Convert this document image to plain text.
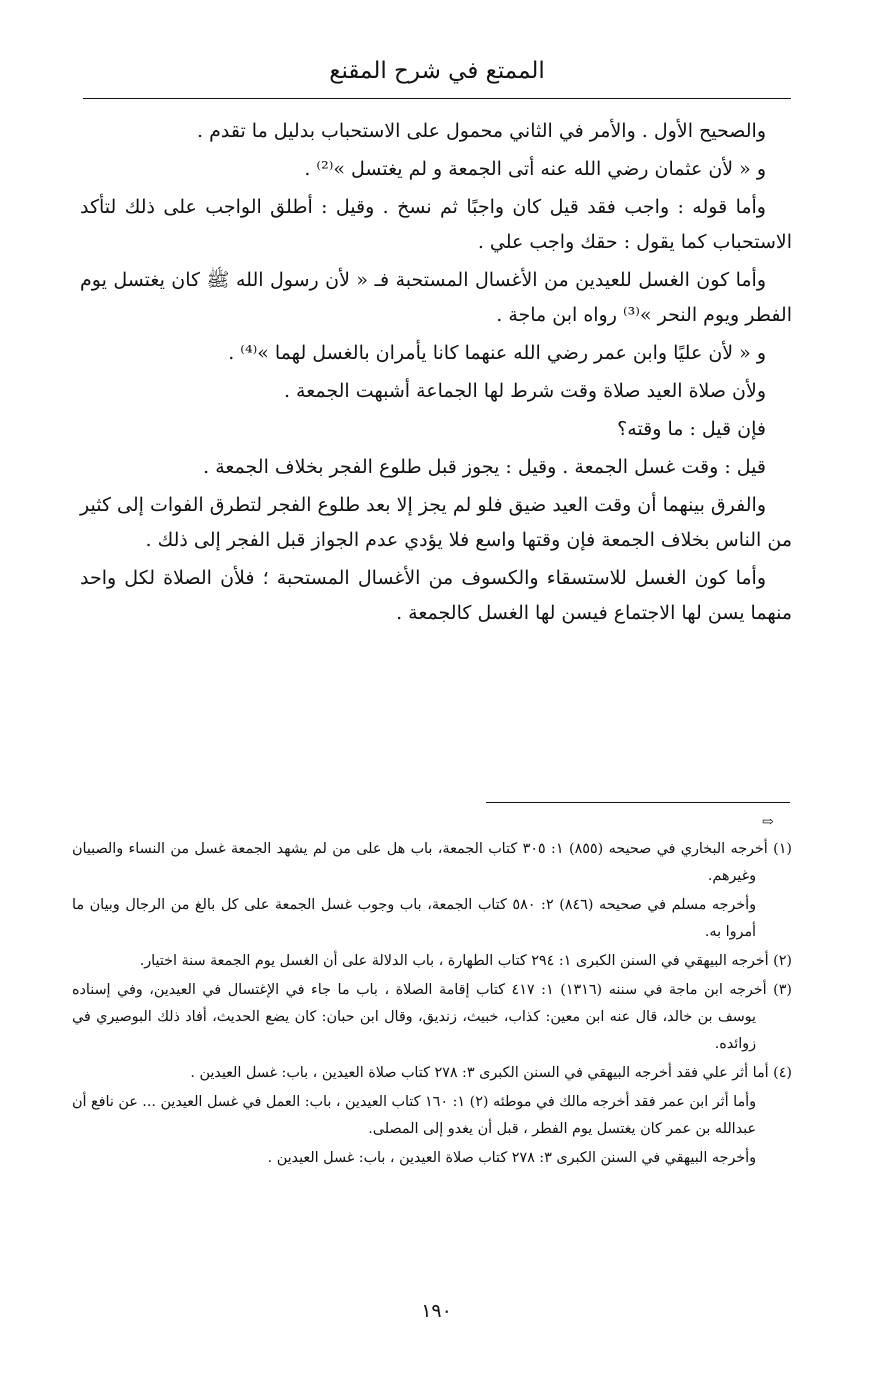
الممتع في شرح المقنع

والصحيح الأول . والأمر في الثاني محمول على الاستحباب بدليل ما تقدم .

و « لأن عثمان رضي الله عنه أتى الجمعة و لم يغتسل »⁽²⁾ .

وأما قوله : واجب فقد قيل كان واجبًا ثم نسخ . وقيل : أطلق الواجب على ذلك لتأكد الاستحباب كما يقول : حقك واجب علي .

وأما كون الغسل للعيدين من الأغسال المستحبة فـ « لأن رسول الله ﷺ كان يغتسل يوم الفطر ويوم النحر »⁽³⁾ رواه ابن ماجة .

و « لأن عليًا وابن عمر رضي الله عنهما كانا يأمران بالغسل لهما »⁽⁴⁾ .

ولأن صلاة العيد صلاة وقت شرط لها الجماعة أشبهت الجمعة .

فإن قيل : ما وقته؟

قيل : وقت غسل الجمعة . وقيل : يجوز قبل طلوع الفجر بخلاف الجمعة .

والفرق بينهما أن وقت العيد ضيق فلو لم يجز إلا بعد طلوع الفجر لتطرق الفوات إلى كثير من الناس بخلاف الجمعة فإن وقتها واسع فلا يؤدي عدم الجواز قبل الفجر إلى ذلك .

وأما كون الغسل للاستسقاء والكسوف من الأغسال المستحبة ؛ فلأن الصلاة لكل واحد منهما يسن لها الاجتماع فيسن لها الغسل كالجمعة .

⇨

(١) أخرجه البخاري في صحيحه (٨٥٥) ١: ٣٠٥ كتاب الجمعة، باب هل على من لم يشهد الجمعة غسل من النساء والصبيان وغيرهم.

وأخرجه مسلم في صحيحه (٨٤٦) ٢: ٥٨٠ كتاب الجمعة، باب وجوب غسل الجمعة على كل بالغ من الرجال وبيان ما أمروا به.

(٢) أخرجه البيهقي في السنن الكبرى ١: ٢٩٤ كتاب الطهارة ، باب الدلالة على أن الغسل يوم الجمعة سنة اختيار.

(٣) أخرجه ابن ماجة في سننه (١٣١٦) ١: ٤١٧ كتاب إقامة الصلاة ، باب ما جاء في الإغتسال في العيدين، وفي إسناده يوسف بن خالد، قال عنه ابن معين: كذاب، خبيث، زنديق، وقال ابن حبان: كان يضع الحديث، أفاد ذلك البوصيري في زوائده.

(٤) أما أثر علي فقد أخرجه البيهقي في السنن الكبرى ٣: ٢٧٨ كتاب صلاة العيدين ، باب: غسل العيدين .

وأما أثر ابن عمر فقد أخرجه مالك في موطئه (٢) ١: ١٦٠ كتاب العيدين ، باب: العمل في غسل العيدين ... عن نافع أن عبدالله بن عمر كان يغتسل يوم الفطر ، قبل أن يغدو إلى المصلى.

وأخرجه البيهقي في السنن الكبرى ٣: ٢٧٨ كتاب صلاة العيدين ، باب: غسل العيدين .

١٩٠
